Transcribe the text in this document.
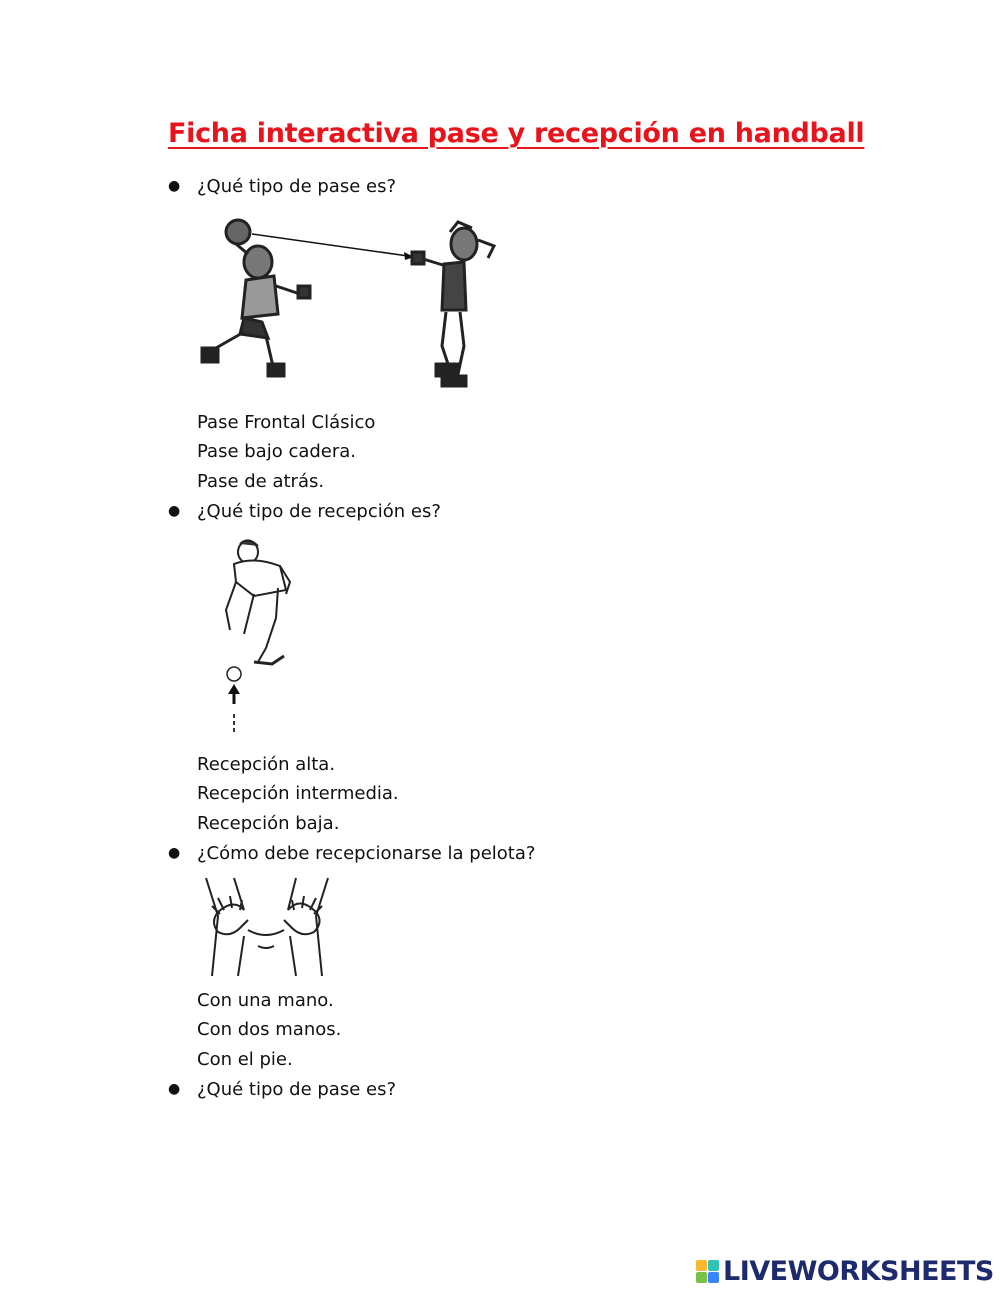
Ficha interactiva pase y recepción en handball
● ¿Qué tipo de pase es?
Pase Frontal Clásico
Pase bajo cadera.
Pase de atrás.
● ¿Qué tipo de recepción es?
Recepción alta.
Recepción intermedia.
Recepción baja.
● ¿Cómo debe recepcionarse la pelota?
Con una mano.
Con dos manos.
Con el pie.
● ¿Qué tipo de pase es?
LIVEWORKSHEETS
